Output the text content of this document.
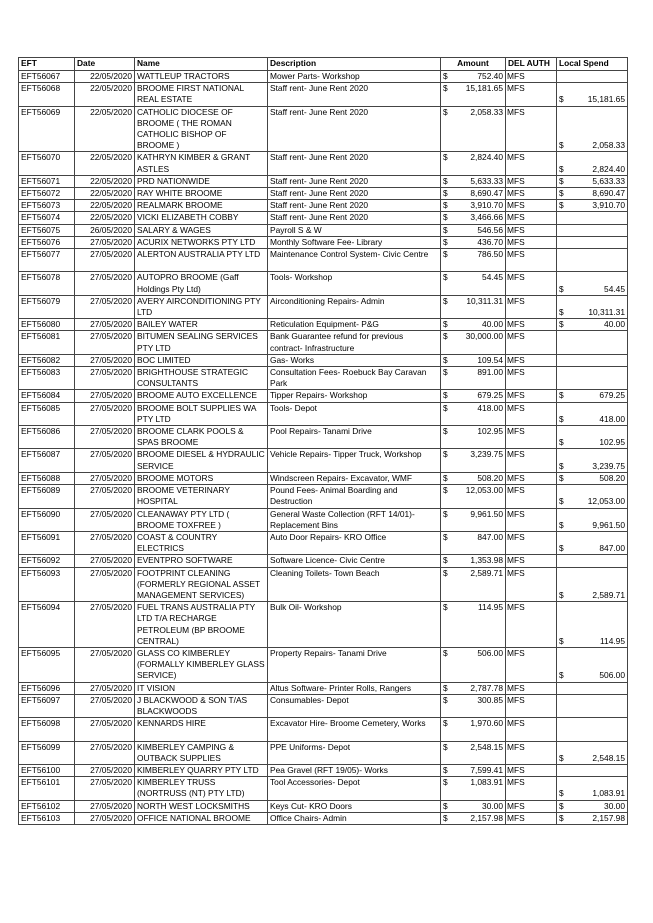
EFT	Date	Name	Description	Amount	DEL AUTH	Local Spend
EFT56067	22/05/2020	WATTLEUP TRACTORS	Mower Parts- Workshop	$ 752.40	MFS	
EFT56068	22/05/2020	BROOME FIRST NATIONAL REAL ESTATE	Staff rent- June Rent 2020	$ 15,181.65	MFS	$ 15,181.65

EFT56069	22/05/2020	CATHOLIC DIOCESE OF BROOME ( THE ROMAN CATHOLIC BISHOP OF BROOME )	Staff rent- June Rent 2020	$ 2,058.33	MFS	$ 2,058.33

EFT56070	22/05/2020	KATHRYN KIMBER & GRANT ASTLES	Staff rent- June Rent 2020	$ 2,824.40	MFS	$ 2,824.40

EFT56071	22/05/2020	PRD NATIONWIDE	Staff rent- June Rent 2020	$ 5,633.33	MFS	$ 5,633.33

EFT56072	22/05/2020	RAY WHITE BROOME	Staff rent- June Rent 2020	$ 8,690.47	MFS	$ 8,690.47

EFT56073	22/05/2020	REALMARK BROOME	Staff rent- June Rent 2020	$ 3,910.70	MFS	$ 3,910.70

EFT56074	22/05/2020	VICKI ELIZABETH COBBY	Staff rent- June Rent 2020	$ 3,466.66	MFS	
EFT56075	26/05/2020	SALARY & WAGES	Payroll S & W	$ 546.56	MFS	
EFT56076	27/05/2020	ACURIX NETWORKS PTY LTD	Monthly Software Fee- Library	$ 436.70	MFS	
EFT56077	27/05/2020	ALERTON AUSTRALIA PTY LTD	Maintenance Control System- Civic Centre	$ 786.50	MFS	
EFT56078	27/05/2020	AUTOPRO BROOME (Gaff Holdings Pty Ltd)	Tools- Workshop	$ 54.45	MFS	$ 54.45

EFT56079	27/05/2020	AVERY AIRCONDITIONING PTY LTD	Airconditioning Repairs- Admin	$ 10,311.31	MFS	$ 10,311.31

EFT56080	27/05/2020	BAILEY WATER	Reticulation Equipment- P&G	$ 40.00	MFS	$ 40.00

EFT56081	27/05/2020	BITUMEN SEALING SERVICES PTY LTD	Bank Guarantee refund for previous contract- Infrastructure	$ 30,000.00	MFS	
EFT56082	27/05/2020	BOC LIMITED	Gas- Works	$ 109.54	MFS	
EFT56083	27/05/2020	BRIGHTHOUSE STRATEGIC CONSULTANTS	Consultation Fees- Roebuck Bay Caravan Park	$ 891.00	MFS	
EFT56084	27/05/2020	BROOME AUTO EXCELLENCE	Tipper Repairs- Workshop	$ 679.25	MFS	$ 679.25

EFT56085	27/05/2020	BROOME BOLT SUPPLIES WA PTY LTD	Tools- Depot	$ 418.00	MFS	$ 418.00

EFT56086	27/05/2020	BROOME CLARK POOLS & SPAS BROOME	Pool Repairs- Tanami Drive	$ 102.95	MFS	$ 102.95

EFT56087	27/05/2020	BROOME DIESEL & HYDRAULIC SERVICE	Vehicle Repairs- Tipper Truck, Workshop	$ 3,239.75	MFS	$ 3,239.75

EFT56088	27/05/2020	BROOME MOTORS	Windscreen Repairs- Excavator, WMF	$ 508.20	MFS	$ 508.20

EFT56089	27/05/2020	BROOME VETERINARY HOSPITAL	Pound Fees- Animal Boarding and Destruction	$ 12,053.00	MFS	$ 12,053.00

EFT56090	27/05/2020	CLEANAWAY PTY LTD ( BROOME TOXFREE )	General Waste Collection (RFT 14/01)- Replacement Bins	$ 9,961.50	MFS	$ 9,961.50

EFT56091	27/05/2020	COAST & COUNTRY ELECTRICS	Auto Door Repairs- KRO Office	$ 847.00	MFS	$ 847.00

EFT56092	27/05/2020	EVENTPRO SOFTWARE	Software Licence- Civic Centre	$ 1,353.98	MFS	
EFT56093	27/05/2020	FOOTPRINT CLEANING (FORMERLY REGIONAL ASSET MANAGEMENT SERVICES)	Cleaning Toilets- Town Beach	$ 2,589.71	MFS	$ 2,589.71

EFT56094	27/05/2020	FUEL TRANS AUSTRALIA PTY LTD T/A RECHARGE PETROLEUM (BP BROOME CENTRAL)	Bulk Oil- Workshop	$ 114.95	MFS	$ 114.95

EFT56095	27/05/2020	GLASS CO KIMBERLEY (FORMALLY KIMBERLEY GLASS SERVICE)	Property Repairs- Tanami Drive	$ 506.00	MFS	$ 506.00

EFT56096	27/05/2020	IT VISION	Altus Software- Printer Rolls, Rangers	$ 2,787.78	MFS	
EFT56097	27/05/2020	J BLACKWOOD & SON T/AS BLACKWOODS	Consumables- Depot	$ 300.85	MFS	
EFT56098	27/05/2020	KENNARDS HIRE	Excavator Hire- Broome Cemetery, Works	$ 1,970.60	MFS	
EFT56099	27/05/2020	KIMBERLEY CAMPING & OUTBACK SUPPLIES	PPE Uniforms- Depot	$ 2,548.15	MFS	$ 2,548.15

EFT56100	27/05/2020	KIMBERLEY QUARRY PTY LTD	Pea Gravel (RFT 19/05)- Works	$ 7,599.41	MFS	
EFT56101	27/05/2020	KIMBERLEY TRUSS (NORTRUSS (NT) PTY LTD)	Tool Accessories- Depot	$ 1,083.91	MFS	$ 1,083.91

EFT56102	27/05/2020	NORTH WEST LOCKSMITHS	Keys Cut- KRO Doors	$ 30.00	MFS	$ 30.00

EFT56103	27/05/2020	OFFICE NATIONAL BROOME	Office Chairs- Admin	$ 2,157.98	MFS	$ 2,157.98
